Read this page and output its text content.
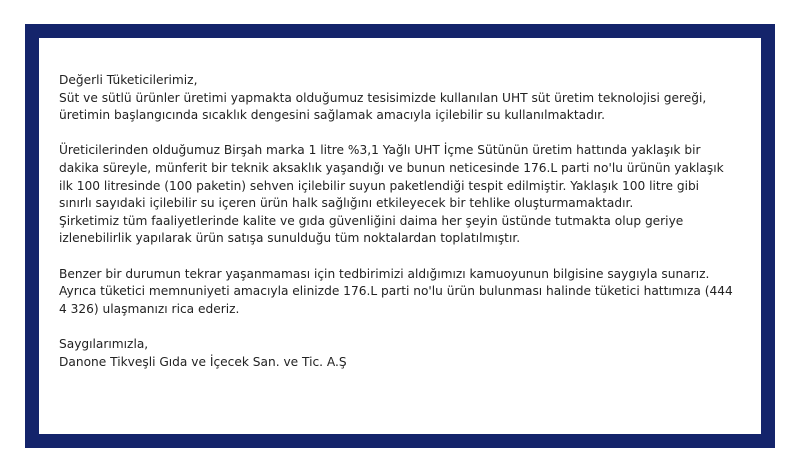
Değerli Tüketicilerimiz,
Süt ve sütlü ürünler üretimi yapmakta olduğumuz tesisimizde kullanılan UHT süt üretim teknolojisi gereği,
üretimin başlangıcında sıcaklık dengesini sağlamak amacıyla içilebilir su kullanılmaktadır.

Üreticilerinden olduğumuz Birşah marka 1 litre %3,1 Yağlı UHT İçme Sütünün üretim hattında yaklaşık bir
dakika süreyle, münferit bir teknik aksaklık yaşandığı ve bunun neticesinde 176.L parti no'lu ürünün yaklaşık
ilk 100 litresinde (100 paketin) sehven içilebilir suyun paketlendiği tespit edilmiştir. Yaklaşık 100 litre gibi
sınırlı sayıdaki içilebilir su içeren ürün halk sağlığını etkileyecek bir tehlike oluşturmamaktadır.
Şirketimiz tüm faaliyetlerinde kalite ve gıda güvenliğini daima her şeyin üstünde tutmakta olup geriye
izlenebilirlik yapılarak ürün satışa sunulduğu tüm noktalardan toplatılmıştır.

Benzer bir durumun tekrar yaşanmaması için tedbirimizi aldığımızı kamuoyunun bilgisine saygıyla sunarız.
Ayrıca tüketici memnuniyeti amacıyla elinizde 176.L parti no'lu ürün bulunması halinde tüketici hattımıza (444
4 326) ulaşmanızı rica ederiz.

Saygılarımızla,
Danone Tikveşli Gıda ve İçecek San. ve Tic. A.Ş
